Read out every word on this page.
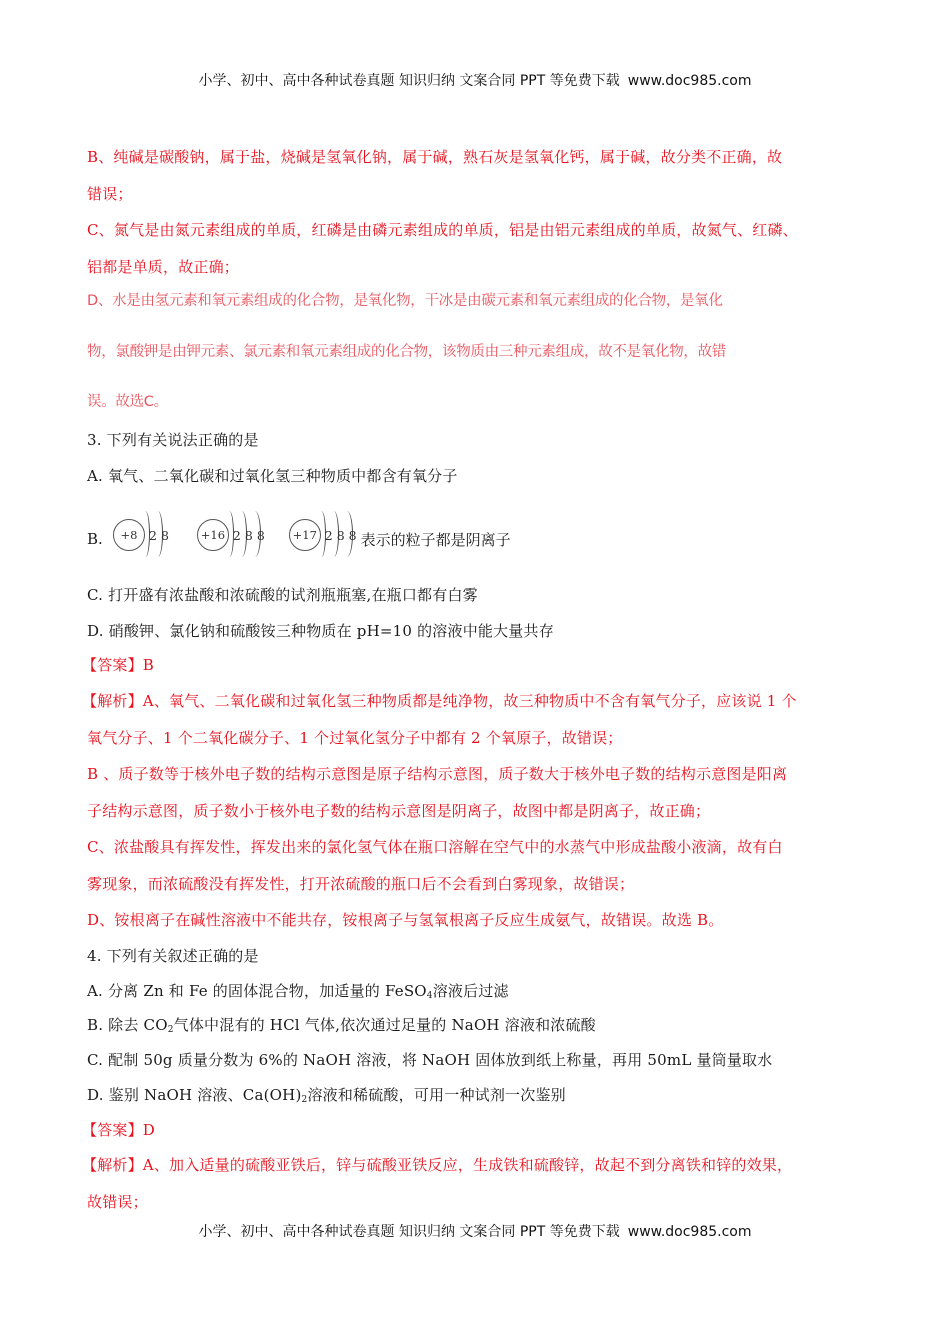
小学、初中、高中各种试卷真题 知识归纳 文案合同 PPT 等免费下载 www.doc985.com
B、纯碱是碳酸钠，属于盐，烧碱是氢氧化钠，属于碱，熟石灰是氢氧化钙，属于碱，故分类不正确，故
错误；
C、氮气是由氮元素组成的单质，红磷是由磷元素组成的单质，铝是由铝元素组成的单质，故氮气、红磷、
铝都是单质，故正确；
D、水是由氢元素和氧元素组成的化合物，是氧化物，干冰是由碳元素和氧元素组成的化合物，是氧化
物，氯酸钾是由钾元素、氯元素和氧元素组成的化合物，该物质由三种元素组成，故不是氧化物，故错
误。故选C。
3. 下列有关说法正确的是
A. 氧气、二氧化碳和过氧化氢三种物质中都含有氧分子
B.	+8 2 8	+16 2 8 8	+17 2 8 8 表示的粒子都是阴离子
C. 打开盛有浓盐酸和浓硫酸的试剂瓶瓶塞,在瓶口都有白雾
D. 硝酸钾、氯化钠和硫酸铵三种物质在 pH=10 的溶液中能大量共存
【答案】B
【解析】A、氧气、二氧化碳和过氧化氢三种物质都是纯净物，故三种物质中不含有氧气分子，应该说 1 个
氧气分子、1 个二氧化碳分子、1 个过氧化氢分子中都有 2 个氧原子，故错误；
B 、质子数等于核外电子数的结构示意图是原子结构示意图，质子数大于核外电子数的结构示意图是阳离
子结构示意图，质子数小于核外电子数的结构示意图是阴离子，故图中都是阴离子，故正确；
C、浓盐酸具有挥发性，挥发出来的氯化氢气体在瓶口溶解在空气中的水蒸气中形成盐酸小液滴，故有白
雾现象，而浓硫酸没有挥发性，打开浓硫酸的瓶口后不会看到白雾现象，故错误；
D、铵根离子在碱性溶液中不能共存，铵根离子与氢氧根离子反应生成氨气，故错误。故选 B。
4. 下列有关叙述正确的是
A. 分离 Zn 和 Fe 的固体混合物，加适量的 FeSO$_4$溶液后过滤
B. 除去 $CO_2$气体中混有的 HCl 气体,依次通过足量的 NaOH 溶液和浓硫酸
C. 配制 50g 质量分数为 6%的 NaOH 溶液，将 NaOH 固体放到纸上称量，再用 50mL 量筒量取水
D. 鉴别 NaOH 溶液、$Ca(OH)_2$溶液和稀硫酸，可用一种试剂一次鉴别
【答案】D
【解析】A、加入适量的硫酸亚铁后，锌与硫酸亚铁反应，生成铁和硫酸锌，故起不到分离铁和锌的效果，
故错误；
小学、初中、高中各种试卷真题 知识归纳 文案合同 PPT 等免费下载 www.doc985.com
